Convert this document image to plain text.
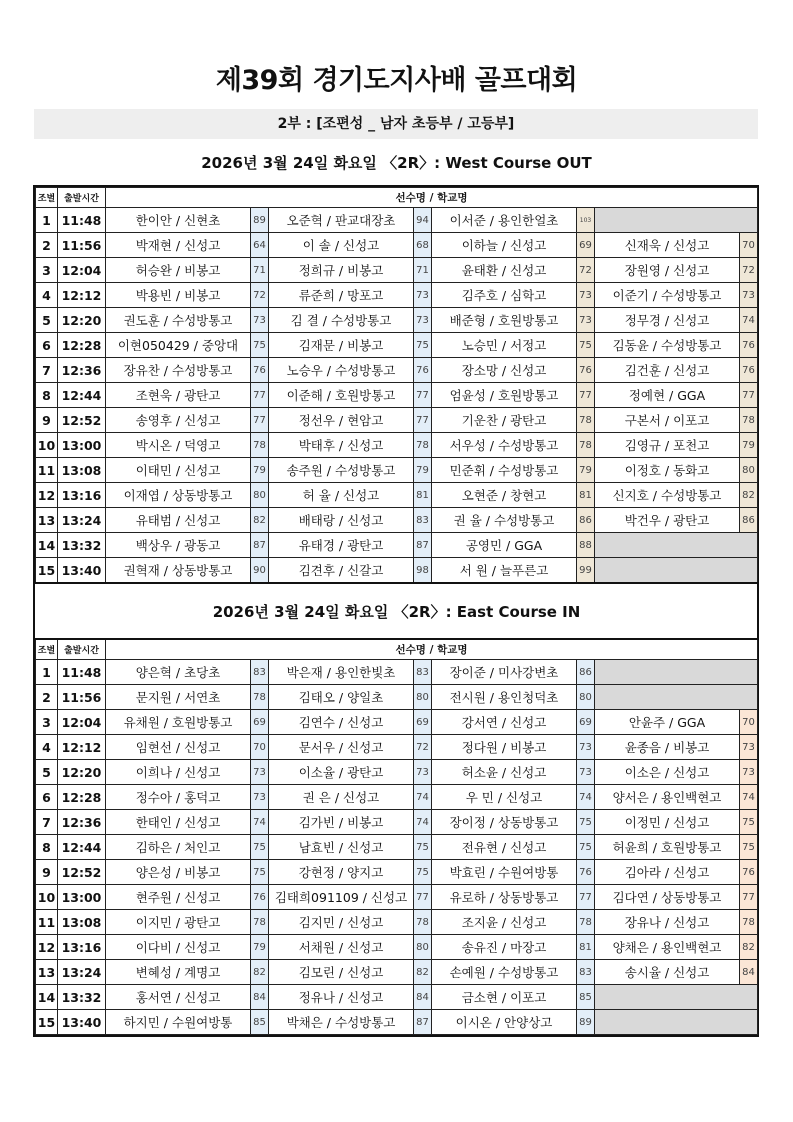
제39회 경기도지사배 골프대회
2부 : [조편성 _ 남자 초등부 / 고등부]
2026년 3월 24일 화요일 〈2R〉: West Course OUT
조별	출발시간	선수명 / 학교명							
1	11:48	한이안 / 신현초	89	오준혁 / 판교대장초	94	이서준 / 용인한얼초	103		
2	11:56	박재현 / 신성고	64	이 솔 / 신성고	68	이하늘 / 신성고	69	신재욱 / 신성고	70
3	12:04	허승완 / 비봉고	71	정희규 / 비봉고	71	윤태환 / 신성고	72	장원영 / 신성고	72
4	12:12	박용빈 / 비봉고	72	류준희 / 망포고	73	김주호 / 심학고	73	이준기 / 수성방통고	73
5	12:20	권도훈 / 수성방통고	73	김 결 / 수성방통고	73	배준형 / 호원방통고	73	정무경 / 신성고	74
6	12:28	이현050429 / 중앙대	75	김재문 / 비봉고	75	노승민 / 서정고	75	김동윤 / 수성방통고	76
7	12:36	장유찬 / 수성방통고	76	노승우 / 수성방통고	76	장소망 / 신성고	76	김건훈 / 신성고	76
8	12:44	조현욱 / 광탄고	77	이준해 / 호원방통고	77	엄윤성 / 호원방통고	77	정예현 / GGA	77
9	12:52	송영후 / 신성고	77	정선우 / 현암고	77	기운찬 / 광탄고	78	구본서 / 이포고	78
10	13:00	박시온 / 덕영고	78	박태후 / 신성고	78	서우성 / 수성방통고	78	김영규 / 포천고	79
11	13:08	이태민 / 신성고	79	송주원 / 수성방통고	79	민준휘 / 수성방통고	79	이정호 / 동화고	80
12	13:16	이재엽 / 상동방통고	80	허 율 / 신성고	81	오현준 / 창현고	81	신지호 / 수성방통고	82
13	13:24	유태범 / 신성고	82	배태랑 / 신성고	83	권 율 / 수성방통고	86	박건우 / 광탄고	86
14	13:32	백상우 / 광동고	87	유태경 / 광탄고	87	공영민 / GGA	88		
15	13:40	권혁재 / 상동방통고	90	김견후 / 신갈고	98	서 원 / 늘푸른고	99		
2026년 3월 24일 화요일 〈2R〉: East Course IN									
조별	출발시간	선수명 / 학교명							
1	11:48	양은혁 / 초당초	83	박은재 / 용인한빛초	83	장이준 / 미사강변초	86		
2	11:56	문지원 / 서연초	78	김태오 / 양일초	80	전시원 / 용인청덕초	80		
3	12:04	유채원 / 호원방통고	69	김연수 / 신성고	69	강서연 / 신성고	69	안윤주 / GGA	70
4	12:12	임현선 / 신성고	70	문서우 / 신성고	72	정다원 / 비봉고	73	윤종음 / 비봉고	73
5	12:20	이희나 / 신성고	73	이소율 / 광탄고	73	허소윤 / 신성고	73	이소은 / 신성고	73
6	12:28	정수아 / 홍덕고	73	권 은 / 신성고	74	우 민 / 신성고	74	양서은 / 용인백현고	74
7	12:36	한태인 / 신성고	74	김가빈 / 비봉고	74	장이정 / 상동방통고	75	이정민 / 신성고	75
8	12:44	김하은 / 처인고	75	남효빈 / 신성고	75	전유현 / 신성고	75	허윤희 / 호원방통고	75
9	12:52	양은성 / 비봉고	75	강현정 / 양지고	75	박효린 / 수원여방통	76	김아라 / 신성고	76
10	13:00	현주원 / 신성고	76	김태희091109 / 신성고	77	유로하 / 상동방통고	77	김다연 / 상동방통고	77
11	13:08	이지민 / 광탄고	78	김지민 / 신성고	78	조지윤 / 신성고	78	장유나 / 신성고	78
12	13:16	이다비 / 신성고	79	서채원 / 신성고	80	송유진 / 마장고	81	양채은 / 용인백현고	82
13	13:24	변혜성 / 계명고	82	김모린 / 신성고	82	손예원 / 수성방통고	83	송시율 / 신성고	84
14	13:32	홍서연 / 신성고	84	정유나 / 신성고	84	금소현 / 이포고	85		
15	13:40	하지민 / 수원여방통	85	박채은 / 수성방통고	87	이시온 / 안양상고	89		
